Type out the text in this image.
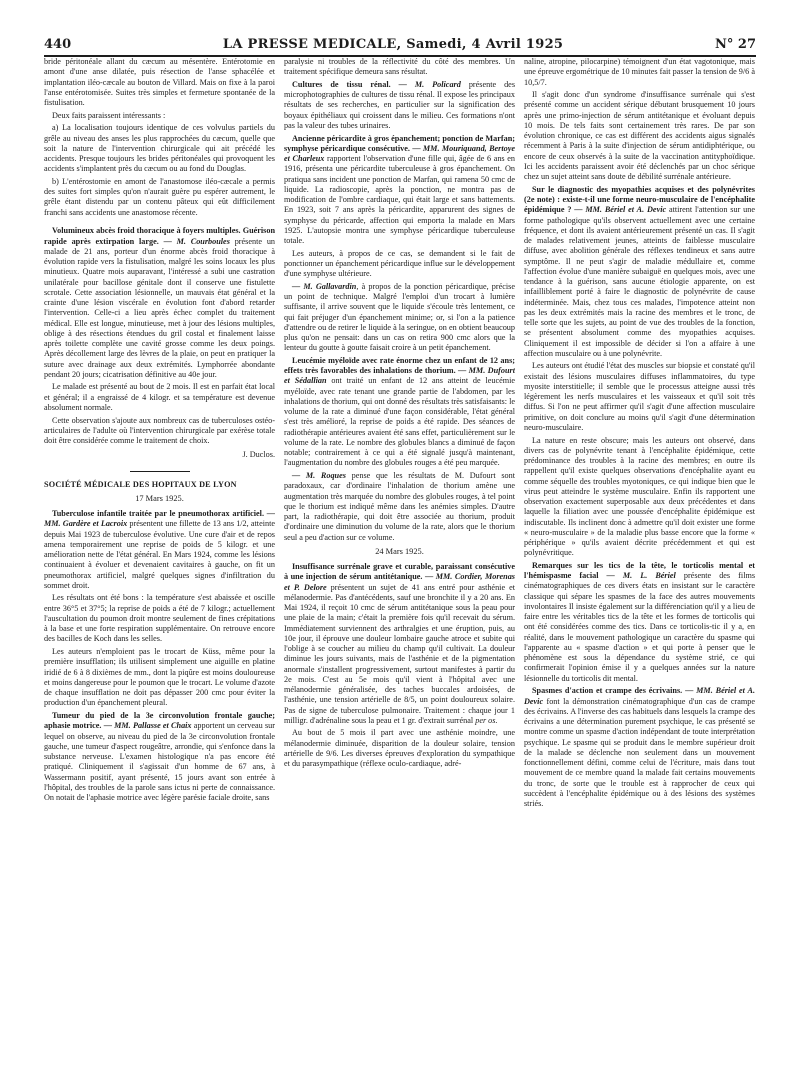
440	LA PRESSE MEDICALE, Samedi, 4 Avril 1925	N° 27

bride péritonéale allant du cæcum au mésentère. Entérotomie en amont d'une anse dilatée, puis résection de l'anse sphacélée et implantation iléo-cæcale au bouton de Villard. Mais on fixe à la paroi l'anse entérotomisée. Suites très simples et fermeture spontanée de la fistulisation.

Deux faits paraissent intéressants :

a) La localisation toujours identique de ces volvulus partiels du grêle au niveau des anses les plus rapprochées du cæcum, quelle que soit la nature de l'intervention chirurgicale qui ait précédé les accidents. Presque toujours les brides péritonéales qui provoquent les accidents s'implantent près du cæcum ou au fond du Douglas.

b) L'entérostomie en amont de l'anastomose iléo-cæcale a permis des suites fort simples qu'on n'aurait guère pu espérer autrement, le grêle étant distendu par un contenu pâteux qui eût difficilement franchi sans accidents une anastomose récente.

Volumineux abcès froid thoracique à foyers multiples. Guérison rapide après extirpation large. — M. Courboules présente un malade de 21 ans, porteur d'un énorme abcès froid thoracique à évolution rapide vers la fistulisation, malgré les soins locaux les plus minutieux. Quatre mois auparavant, l'intéressé a subi une castration unilatérale pour bacillose génitale dont il conserve une fistulette scrotale. Cette association lésionnelle, un mauvais état général et la crainte d'une lésion viscérale en évolution font d'abord retarder l'intervention. Celle-ci a lieu après échec complet du traitement médical. Elle est longue, minutieuse, met à jour des lésions multiples, oblige à des résections étendues du gril costal et finalement laisse après toilette complète une cavité grosse comme les deux poings. Après décollement large des lèvres de la plaie, on peut en pratiquer la suture avec drainage aux deux extrémités. Lymphorrée abondante pendant 20 jours; cicatrisation définitive au 40e jour.

Le malade est présenté au bout de 2 mois. Il est en parfait état local et général; il a engraissé de 4 kilogr. et sa température est devenue absolument normale.

Cette observation s'ajoute aux nombreux cas de tuberculoses ostéo-articulaires de l'adulte où l'intervention chirurgicale par exérèse totale doit être considérée comme le traitement de choix.

J. Duclos.

SOCIÉTÉ MÉDICALE DES HOPITAUX DE LYON

17 Mars 1925.

Tuberculose infantile traitée par le pneumothorax artificiel. — MM. Gardère et Lacroix présentent une fillette de 13 ans 1/2, atteinte depuis Mai 1923 de tuberculose évolutive. Une cure d'air et de repos amena temporairement une reprise de poids de 5 kilogr. et une amélioration nette de l'état général. En Mars 1924, comme les lésions continuaient à évoluer et devenaient cavitaires à gauche, on fit un pneumothorax artificiel, malgré quelques signes d'infiltration du sommet droit.

Les résultats ont été bons : la température s'est abaissée et oscille entre 36°5 et 37°5; la reprise de poids a été de 7 kilogr.; actuellement l'auscultation du poumon droit montre seulement de fines crépitations à la base et une forte respiration supplémentaire. On retrouve encore des bacilles de Koch dans les selles.

Les auteurs n'emploient pas le trocart de Küss, même pour la première insufflation; ils utilisent simplement une aiguille en platine iridié de 6 à 8 dixièmes de mm., dont la piqûre est moins douloureuse et moins dangereuse pour le poumon que le trocart. Le volume d'azote de chaque insufflation ne doit pas dépasser 200 cmc pour éviter la production d'un épanchement pleural.

Tumeur du pied de la 3e circonvolution frontale gauche; aphasie motrice. — MM. Pallasse et Chaix apportent un cerveau sur lequel on observe, au niveau du pied de la 3e circonvolution frontale gauche, une tumeur d'aspect rougeâtre, arrondie, qui s'enfonce dans la substance nerveuse. L'examen histologique n'a pas encore été pratiqué. Cliniquement il s'agissait d'un homme de 67 ans, à Wassermann positif, ayant présenté, 15 jours avant son entrée à l'hôpital, des troubles de la parole sans ictus ni perte de connaissance. On notait de l'aphasie motrice avec légère parésie faciale droite, sans

paralysie ni troubles de la réflectivité du côté des membres. Un traitement spécifique demeura sans résultat.

Cultures de tissu rénal. — M. Policard présente des microphotographies de cultures de tissu rénal. Il expose les principaux résultats de ses recherches, en particulier sur la signification des boyaux épithéliaux qui croissent dans le milieu. Ces formations n'ont pas la valeur des tubes urinaires.

Ancienne péricardite à gros épanchement; ponction de Marfan; symphyse péricardique consécutive. — MM. Mouriquand, Bertoye et Charleux rapportent l'observation d'une fille qui, âgée de 6 ans en 1916, présenta une péricardite tuberculeuse à gros épanchement. On pratiqua sans incident une ponction de Marfan, qui ramena 50 cmc de liquide. La radioscopie, après la ponction, ne montra pas de modification de l'ombre cardiaque, qui était large et sans battements. En 1923, soit 7 ans après la péricardite, apparurent des signes de symphyse du péricarde, affection qui emporta la malade en Mars 1925. L'autopsie montra une symphyse péricardique tuberculeuse totale.

Les auteurs, à propos de ce cas, se demandent si le fait de ponctionner un épanchement péricardique influe sur le développement d'une symphyse ultérieure.

— M. Gallavardin, à propos de la ponction péricardique, précise un point de technique. Malgré l'emploi d'un trocart à lumière suffisante, il arrive souvent que le liquide s'écoule très lentement, ce qui fait préjuger d'un épanchement minime; or, si l'on a la patience d'attendre ou de retirer le liquide à la seringue, on en obtient beaucoup plus qu'on ne pensait: dans un cas on retira 900 cmc alors que la lenteur du goutte à goutte faisait croire à un petit épanchement.

Leucémie myéloïde avec rate énorme chez un enfant de 12 ans; effets très favorables des inhalations de thorium. — MM. Dufourt et Sédallian ont traité un enfant de 12 ans atteint de leucémie myéloïde, avec rate tenant une grande partie de l'abdomen, par les inhalations de thorium, qui ont donné des résultats très satisfaisants: le volume de la rate a diminué d'une façon considérable, l'état général s'est très amélioré, la reprise de poids a été rapide. Des séances de radiothérapie antérieures avaient été sans effet, particulièrement sur le volume de la rate. Le nombre des globules blancs a diminué de façon notable; contrairement à ce qui a été signalé jusqu'à maintenant, l'augmentation du nombre des globules rouges a été peu marquée.

— M. Roques pense que les résultats de M. Dufourt sont paradoxaux, car d'ordinaire l'inhalation de thorium amène une augmentation très marquée du nombre des globules rouges, à tel point que le thorium est indiqué même dans les anémies simples. D'autre part, la radiothérapie, qui doit être associée au thorium, produit d'ordinaire une diminution du volume de la rate, alors que le thorium seul a peu d'action sur ce volume.

24 Mars 1925.

Insuffisance surrénale grave et curable, paraissant consécutive à une injection de sérum antitétanique. — MM. Cordier, Morenas et P. Delore présentent un sujet de 41 ans entré pour asthénie et mélanodermie. Pas d'antécédents, sauf une bronchite il y a 20 ans. En Mai 1924, il reçoit 10 cmc de sérum antitétanique sous la peau pour une plaie de la main; c'était la première fois qu'il recevait du sérum. Immédiatement surviennent des arthralgies et une éruption, puis, au 10e jour, il éprouve une douleur lombaire gauche atroce et subite qui l'oblige à se coucher au milieu du champ qu'il cultivait. La douleur diminue les jours suivants, mais de l'asthénie et de la pigmentation anormale s'installent progressivement, surtout manifestes à partir du 2e mois. C'est au 5e mois qu'il vient à l'hôpital avec une mélanodermie généralisée, des taches buccales ardoisées, de l'asthénie, une tension artérielle de 8/5, un point douloureux solaire. Pas de signe de tuberculose pulmonaire. Traitement : chaque jour 1 milligr. d'adrénaline sous la peau et 1 gr. d'extrait surrénal per os.

Au bout de 5 mois il part avec une asthénie moindre, une mélanodermie diminuée, disparition de la douleur solaire, tension artérielle de 9/6. Les diverses épreuves d'exploration du sympathique et du parasympathique (réflexe oculo-cardiaque, adré-

naline, atropine, pilocarpine) témoignent d'un état vagotonique, mais une épreuve ergométrique de 10 minutes fait passer la tension de 9/6 à 10,5/7.

Il s'agit donc d'un syndrome d'insuffisance surrénale qui s'est présenté comme un accident sérique débutant brusquement 10 jours après une primo-injection de sérum antitétanique et évoluant depuis 10 mois. De tels faits sont certainement très rares. De par son évolution chronique, ce cas est différent des accidents aigus signalés récemment à Paris à la suite d'injection de sérum antidiphtérique, ou encore de ceux observés à la suite de la vaccination antityphoïdique. Ici les accidents paraissent avoir été déclenchés par un choc sérique chez un sujet atteint sans doute de débilité surrénale antérieure.

Sur le diagnostic des myopathies acquises et des polynévrites (2e note) : existe-t-il une forme neuro-musculaire de l'encéphalite épidémique ? — MM. Bériel et A. Devic attirent l'attention sur une forme pathologique qu'ils observent actuellement avec une certaine fréquence, et dont ils avaient antérieurement présenté un cas. Il s'agit de malades relativement jeunes, atteints de faiblesse musculaire diffuse, avec abolition générale des réflexes tendineux et sans autre symptôme. Il ne peut s'agir de maladie médullaire et, comme l'affection évolue d'une manière subaiguë en quelques mois, avec une tendance à la guérison, sans aucune étiologie apparente, on est infailliblement porté à faire le diagnostic de polynévrite de cause indéterminée. Mais, chez tous ces malades, l'impotence atteint non pas les deux extrémités mais la racine des membres et le tronc, de telle sorte que les sujets, au point de vue des troubles de la fonction, se présentent absolument comme des myopathies acquises. Cliniquement il est impossible de décider si l'on a affaire à une affection musculaire ou à une polynévrite.

Les auteurs ont étudié l'état des muscles sur biopsie et constaté qu'il existait des lésions musculaires diffuses inflammatoires, du type myosite interstitielle; il semble que le processus atteigne aussi très légèrement les nerfs musculaires et les vaisseaux et qu'il soit très diffus. Si l'on ne peut affirmer qu'il s'agit d'une affection musculaire primitive, on doit conclure au moins qu'il s'agit d'une détermination neuro-musculaire.

La nature en reste obscure; mais les auteurs ont observé, dans divers cas de polynévrite tenant à l'encéphalite épidémique, cette prédominance des troubles à la racine des membres; en outre ils rappellent qu'il existe quelques observations d'encéphalite ayant eu comme séquelle des troubles myotoniques, ce qui indique bien que le virus peut atteindre le système musculaire. Enfin ils rapportent une observation exactement superposable aux deux précédentes et dans laquelle la filiation avec une poussée d'encéphalite épidémique est indiscutable. Ils inclinent donc à admettre qu'il doit exister une forme « neuro-musculaire » de la maladie plus basse encore que la forme « périphérique » qu'ils avaient décrite précédemment et qui est polynévritique.

Remarques sur les tics de la tête, le torticolis mental et l'hémispasme facial — M. L. Bériel présente des films cinématographiques de ces divers états en insistant sur le caractère classique qui sépare les spasmes de la face des autres mouvements involontaires Il insiste également sur la différenciation qu'il y a lieu de faire entre les véritables tics de la tête et les formes de torticolis qui ont été considérées comme des tics. Dans ce torticolis-tic il y a, en réalité, dans le mouvement pathologique un caractère du spasme qui l'apparente au « spasme d'action » et qui porte à penser que le phénomène est sous la dépendance du système strié, ce qui confirmerait l'opinion émise il y a quelques années sur la nature lésionnelle du torticolis dit mental.

Spasmes d'action et crampe des écrivains. — MM. Bériel et A. Devic font la démonstration cinématographique d'un cas de crampe des écrivains. A l'inverse des cas habituels dans lesquels la crampe des écrivains a une détermination purement psychique, le cas présenté se montre comme un spasme d'action indépendant de toute interprétation psychique. Le spasme qui se produit dans le membre supérieur droit de la malade se déclenche non seulement dans un mouvement fonctionnellement défini, comme celui de l'écriture, mais dans tout mouvement de ce membre quand la malade fait certains mouvements du tronc, de sorte que le trouble est à rapprocher de ceux qui succèdent à l'encéphalite épidémique ou à des lésions des systèmes striés.
